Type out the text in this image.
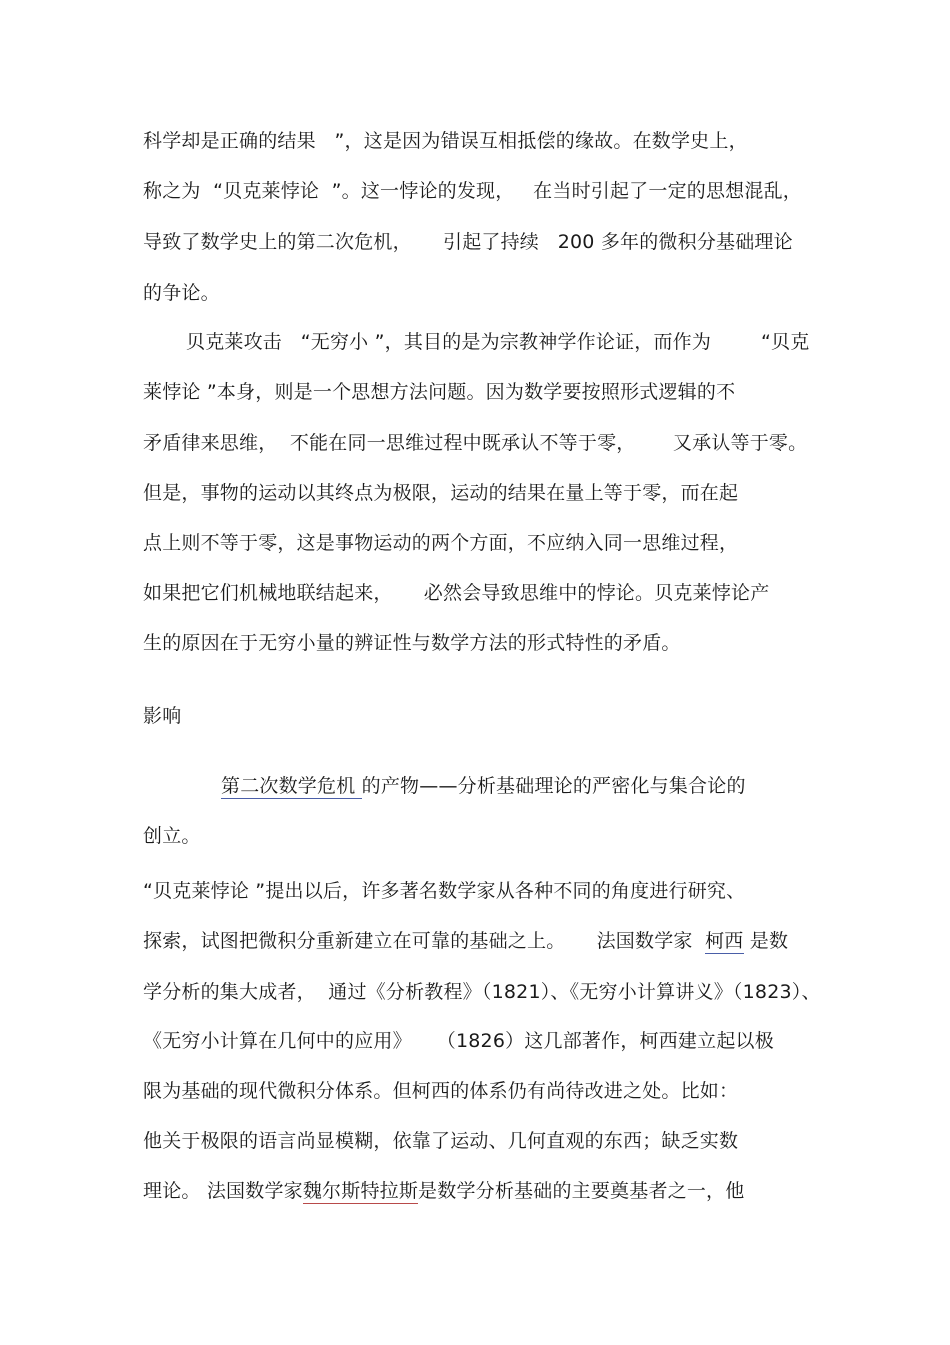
科学却是正确的结果   ”，这是因为错误互相抵偿的缘故。在数学史上，
称之为  “贝克莱悖论  ”。这一悖论的发现，   在当时引起了一定的思想混乱，
导致了数学史上的第二次危机，     引起了持续   200 多年的微积分基础理论
的争论。
贝克莱攻击   “无穷小 ”，其目的是为宗教神学作论证，而作为        “贝克
莱悖论 ”本身，则是一个思想方法问题。因为数学要按照形式逻辑的不
矛盾律来思维，  不能在同一思维过程中既承认不等于零，      又承认等于零。
但是，事物的运动以其终点为极限，运动的结果在量上等于零，而在起
点上则不等于零，这是事物运动的两个方面，不应纳入同一思维过程，
如果把它们机械地联结起来，     必然会导致思维中的悖论。贝克莱悖论产
生的原因在于无穷小量的辨证性与数学方法的形式特性的矛盾。
影响
第二次数学危机 的产物——分析基础理论的严密化与集合论的
创立。
“贝克莱悖论 ”提出以后，许多著名数学家从各种不同的角度进行研究、
探索，试图把微积分重新建立在可靠的基础之上。     法国数学家  柯西 是数
学分析的集大成者，  通过《分析教程》（1821）、《无穷小计算讲义》（1823）、
《无穷小计算在几何中的应用》    （1826）这几部著作，柯西建立起以极
限为基础的现代微积分体系。但柯西的体系仍有尚待改进之处。比如：
他关于极限的语言尚显模糊，依靠了运动、几何直观的东西；缺乏实数
理论。 法国数学家魏尔斯特拉斯是数学分析基础的主要奠基者之一，他
